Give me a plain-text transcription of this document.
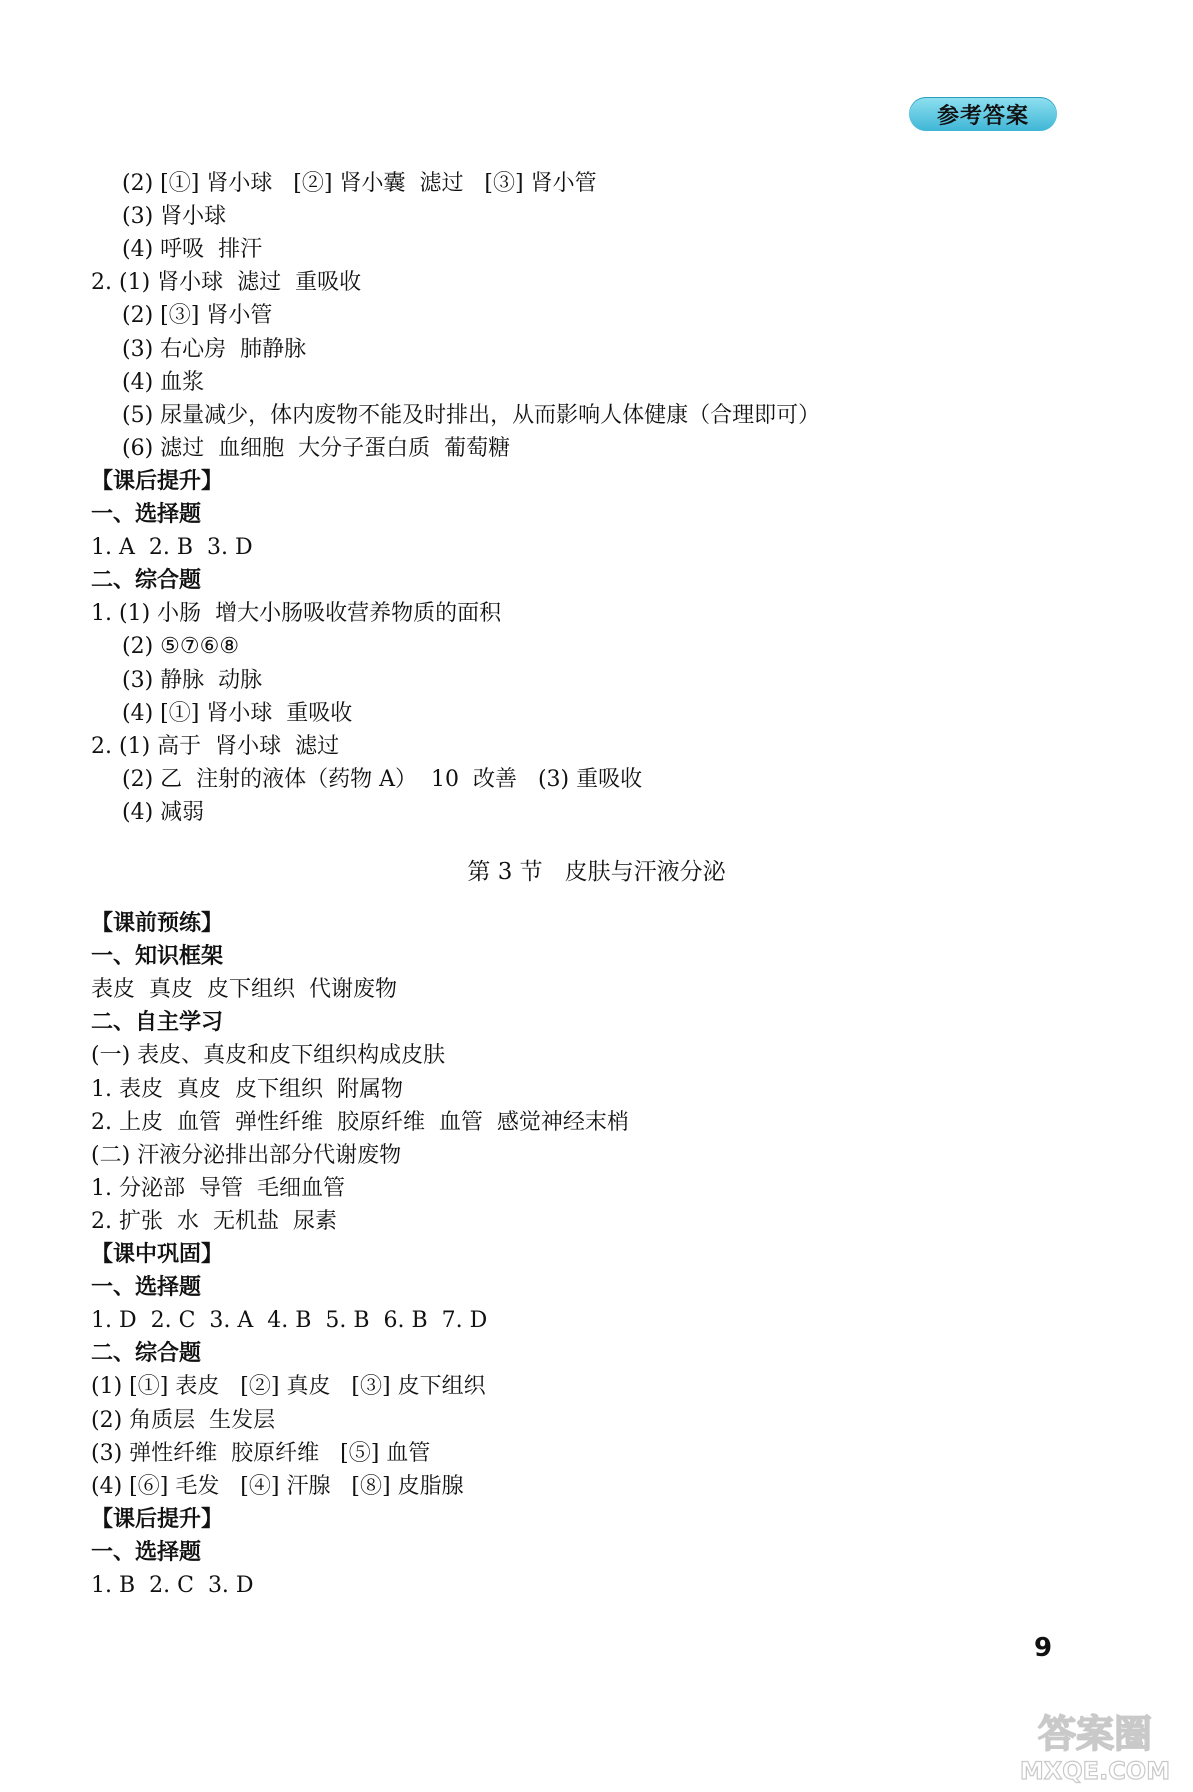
参考答案
(2) [①] 肾小球   [②] 肾小囊  滤过   [③] 肾小管
(3) 肾小球
(4) 呼吸  排汗
2. (1) 肾小球  滤过  重吸收
(2) [③] 肾小管
(3) 右心房  肺静脉
(4) 血浆
(5) 尿量减少，体内废物不能及时排出，从而影响人体健康（合理即可）
(6) 滤过  血细胞  大分子蛋白质  葡萄糖
【课后提升】
一、选择题
1. A  2. B  3. D
二、综合题
1. (1) 小肠  增大小肠吸收营养物质的面积
(2) ⑤⑦⑥⑧
(3) 静脉  动脉
(4) [①] 肾小球  重吸收
2. (1) 高于  肾小球  滤过
(2) 乙  注射的液体（药物 A）  10  改善   (3) 重吸收
(4) 减弱
【课前预练】
一、知识框架
表皮  真皮  皮下组织  代谢废物
二、自主学习
(一) 表皮、真皮和皮下组织构成皮肤
1. 表皮  真皮  皮下组织  附属物
2. 上皮  血管  弹性纤维  胶原纤维  血管  感觉神经末梢
(二) 汗液分泌排出部分代谢废物
1. 分泌部  导管  毛细血管
2. 扩张  水  无机盐  尿素
【课中巩固】
一、选择题
1. D  2. C  3. A  4. B  5. B  6. B  7. D
二、综合题
(1) [①] 表皮   [②] 真皮   [③] 皮下组织
(2) 角质层  生发层
(3) 弹性纤维  胶原纤维   [⑤] 血管
(4) [⑥] 毛发   [④] 汗腺   [⑧] 皮脂腺
【课后提升】
一、选择题
1. B  2. C  3. D
第 3 节   皮肤与汗液分泌
9
答案圈
MXQE.COM
